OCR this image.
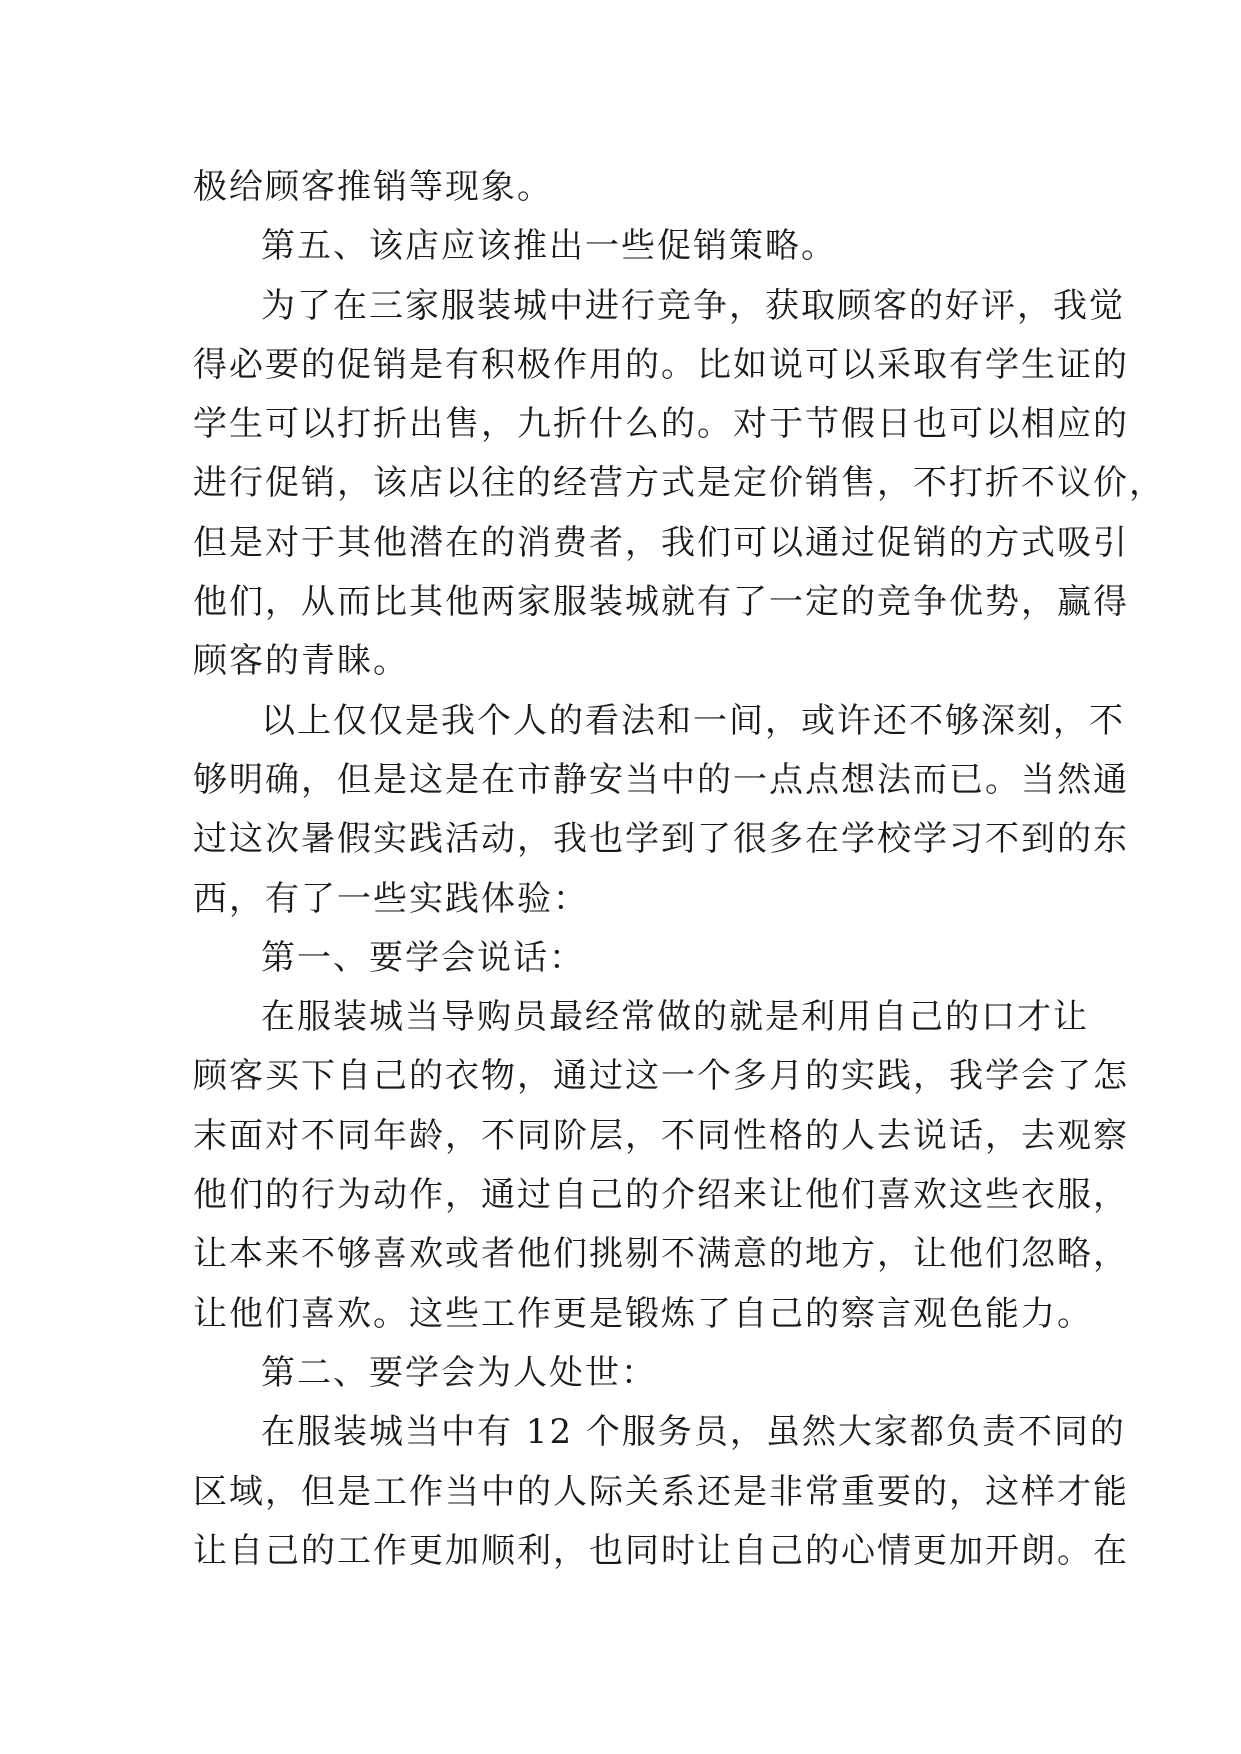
极给顾客推销等现象。
第五、该店应该推出一些促销策略。
为了在三家服装城中进行竞争，获取顾客的好评，我觉
得必要的促销是有积极作用的。比如说可以采取有学生证的
学生可以打折出售，九折什么的。对于节假日也可以相应的
进行促销，该店以往的经营方式是定价销售，不打折不议价，
但是对于其他潜在的消费者，我们可以通过促销的方式吸引
他们，从而比其他两家服装城就有了一定的竞争优势，赢得
顾客的青睐。
以上仅仅是我个人的看法和一间，或许还不够深刻，不
够明确，但是这是在市静安当中的一点点想法而已。当然通
过这次暑假实践活动，我也学到了很多在学校学习不到的东
西，有了一些实践体验：
第一、要学会说话：
在服装城当导购员最经常做的就是利用自己的口才让
顾客买下自己的衣物，通过这一个多月的实践，我学会了怎
末面对不同年龄，不同阶层，不同性格的人去说话，去观察
他们的行为动作，通过自己的介绍来让他们喜欢这些衣服，
让本来不够喜欢或者他们挑剔不满意的地方，让他们忽略，
让他们喜欢。这些工作更是锻炼了自己的察言观色能力。
第二、要学会为人处世：
在服装城当中有 12 个服务员，虽然大家都负责不同的
区域，但是工作当中的人际关系还是非常重要的，这样才能
让自己的工作更加顺利，也同时让自己的心情更加开朗。在
